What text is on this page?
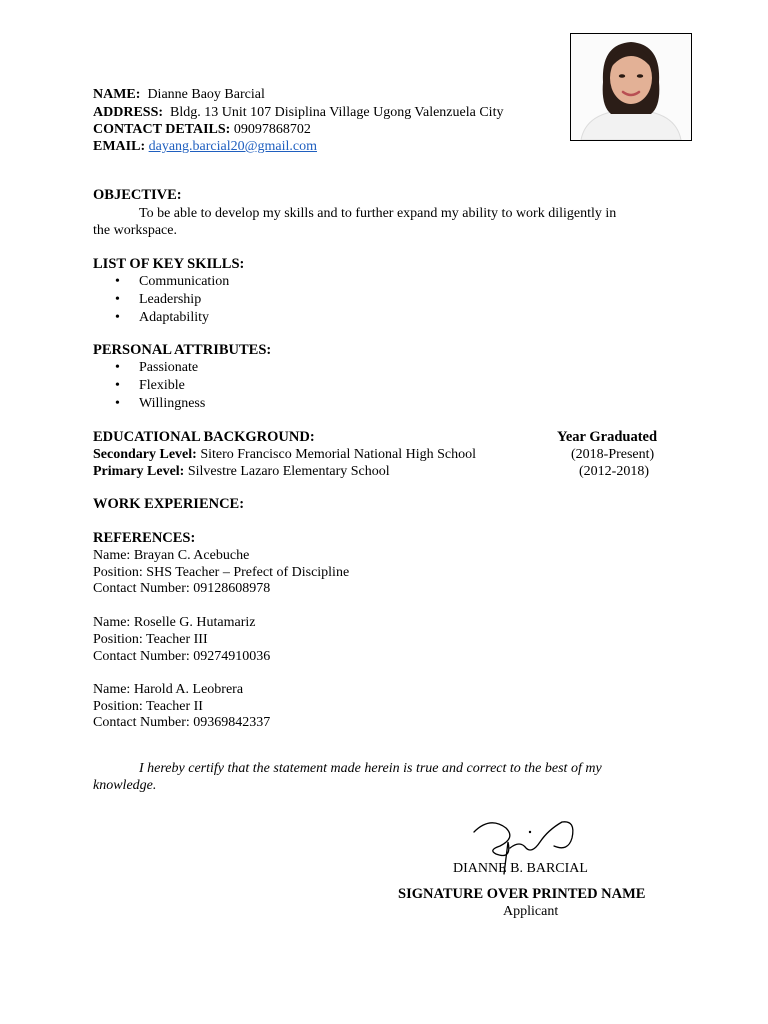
NAME: Dianne Baoy Barcial
ADDRESS: Bldg. 13 Unit 107 Disiplina Village Ugong Valenzuela City
CONTACT DETAILS: 09097868702
EMAIL: dayang.barcial20@gmail.com
OBJECTIVE:
To be able to develop my skills and to further expand my ability to work diligently in
the workspace.
LIST OF KEY SKILLS:
• Communication
• Leadership
• Adaptability
PERSONAL ATTRIBUTES:
• Passionate
• Flexible
• Willingness
EDUCATIONAL BACKGROUND:	Year Graduated
Secondary Level: Sitero Francisco Memorial National High School	(2018-Present)
Primary Level: Silvestre Lazaro Elementary School	(2012-2018)
WORK EXPERIENCE:
REFERENCES:
Name: Brayan C. Acebuche
Position: SHS Teacher – Prefect of Discipline
Contact Number: 09128608978
Name: Roselle G. Hutamariz
Position: Teacher III
Contact Number: 09274910036
Name: Harold A. Leobrera
Position: Teacher II
Contact Number: 09369842337
I hereby certify that the statement made herein is true and correct to the best of my
knowledge.
DIANNE B. BARCIAL
SIGNATURE OVER PRINTED NAME
Applicant
